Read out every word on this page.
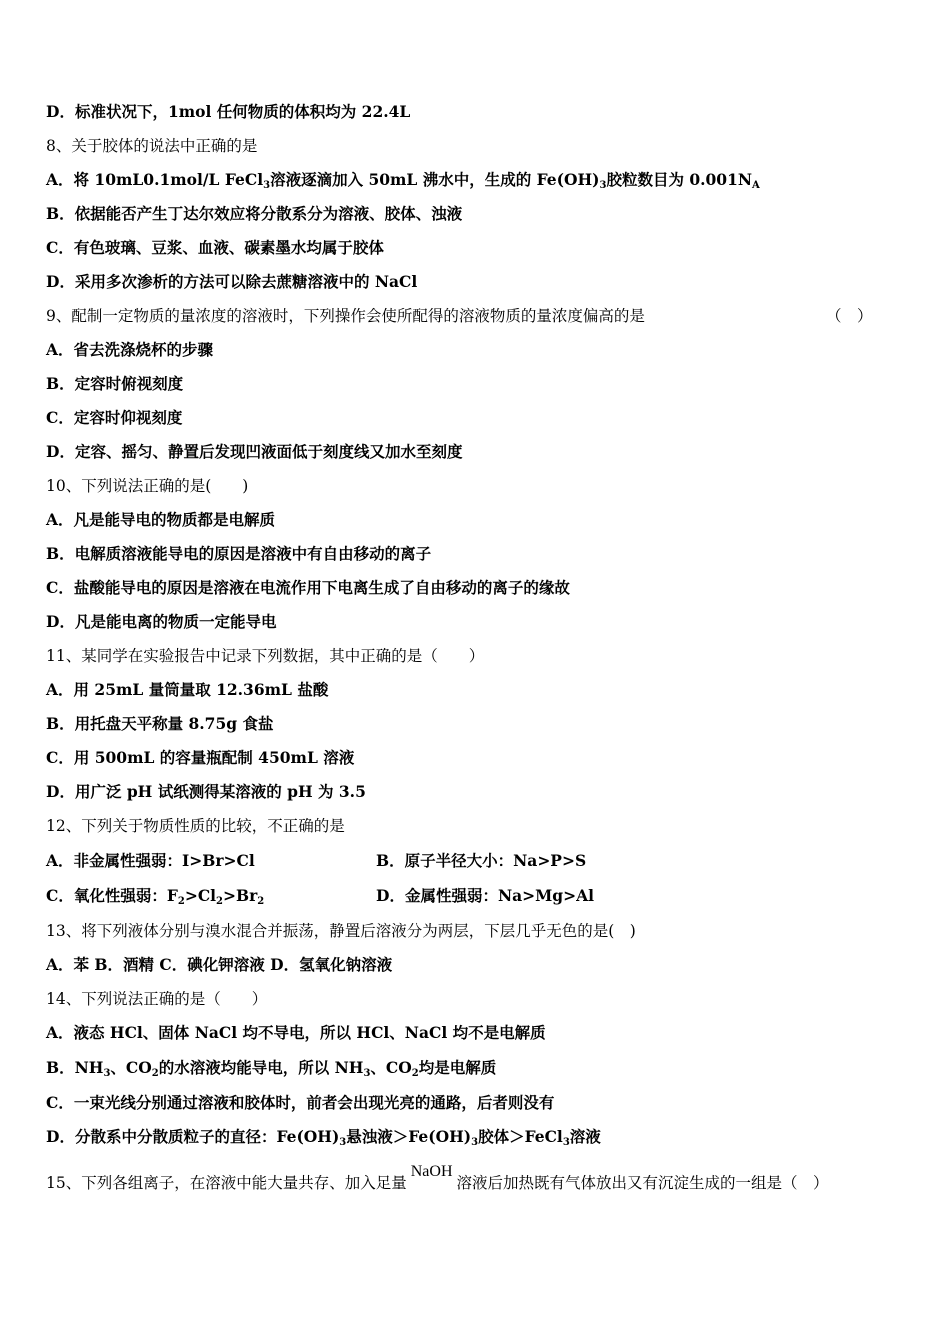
D．标准状况下，1mol 任何物质的体积均为 22.4L
8、关于胶体的说法中正确的是
A．将 10mL0.1mol/L FeCl$_3$溶液逐滴加入 50mL 沸水中，生成的 $Fe(OH)_3$胶粒数目为 $0.001N_A$
B．依据能否产生丁达尔效应将分散系分为溶液、胶体、浊液
C．有色玻璃、豆浆、血液、碳素墨水均属于胶体
D．采用多次渗析的方法可以除去蔗糖溶液中的 NaCl
9、配制一定物质的量浓度的溶液时，下列操作会使所配得的溶液物质的量浓度偏高的是	（　）
A．省去洗涤烧杯的步骤
B．定容时俯视刻度
C．定容时仰视刻度
D．定容、摇匀、静置后发现凹液面低于刻度线又加水至刻度
10、下列说法正确的是(　　)
A．凡是能导电的物质都是电解质
B．电解质溶液能导电的原因是溶液中有自由移动的离子
C．盐酸能导电的原因是溶液在电流作用下电离生成了自由移动的离子的缘故
D．凡是能电离的物质一定能导电
11、某同学在实验报告中记录下列数据，其中正确的是（　　）
A．用 25mL 量筒量取 12.36mL 盐酸
B．用托盘天平称量 8.75g 食盐
C．用 500mL 的容量瓶配制 450mL 溶液
D．用广泛 pH 试纸测得某溶液的 pH 为 3.5
12、下列关于物质性质的比较，不正确的是
A．非金属性强弱：I>Br>Cl	B．原子半径大小：Na>P>S
C．氧化性强弱：$F_2>Cl_2>Br_2$	D．金属性强弱：Na>Mg>Al
13、将下列液体分别与溴水混合并振荡，静置后溶液分为两层，下层几乎无色的是(　)
A．苯 B．酒精 C．碘化钾溶液 D．氢氧化钠溶液
14、下列说法正确的是（　　）
A．液态 HCl、固体 NaCl 均不导电，所以 HCl、NaCl 均不是电解质
B．$NH_3$、$CO_2$的水溶液均能导电，所以 $NH_3$、$CO_2$均是电解质
C．一束光线分别通过溶液和胶体时，前者会出现光亮的通路，后者则没有
D．分散系中分散质粒子的直径：$Fe(OH)_3$悬浊液$>Fe(OH)_3$胶体＞FeCl$_3$溶液
15、下列各组离子，在溶液中能大量共存、加入足量NaOH溶液后加热既有气体放出又有沉淀生成的一组是（　）
